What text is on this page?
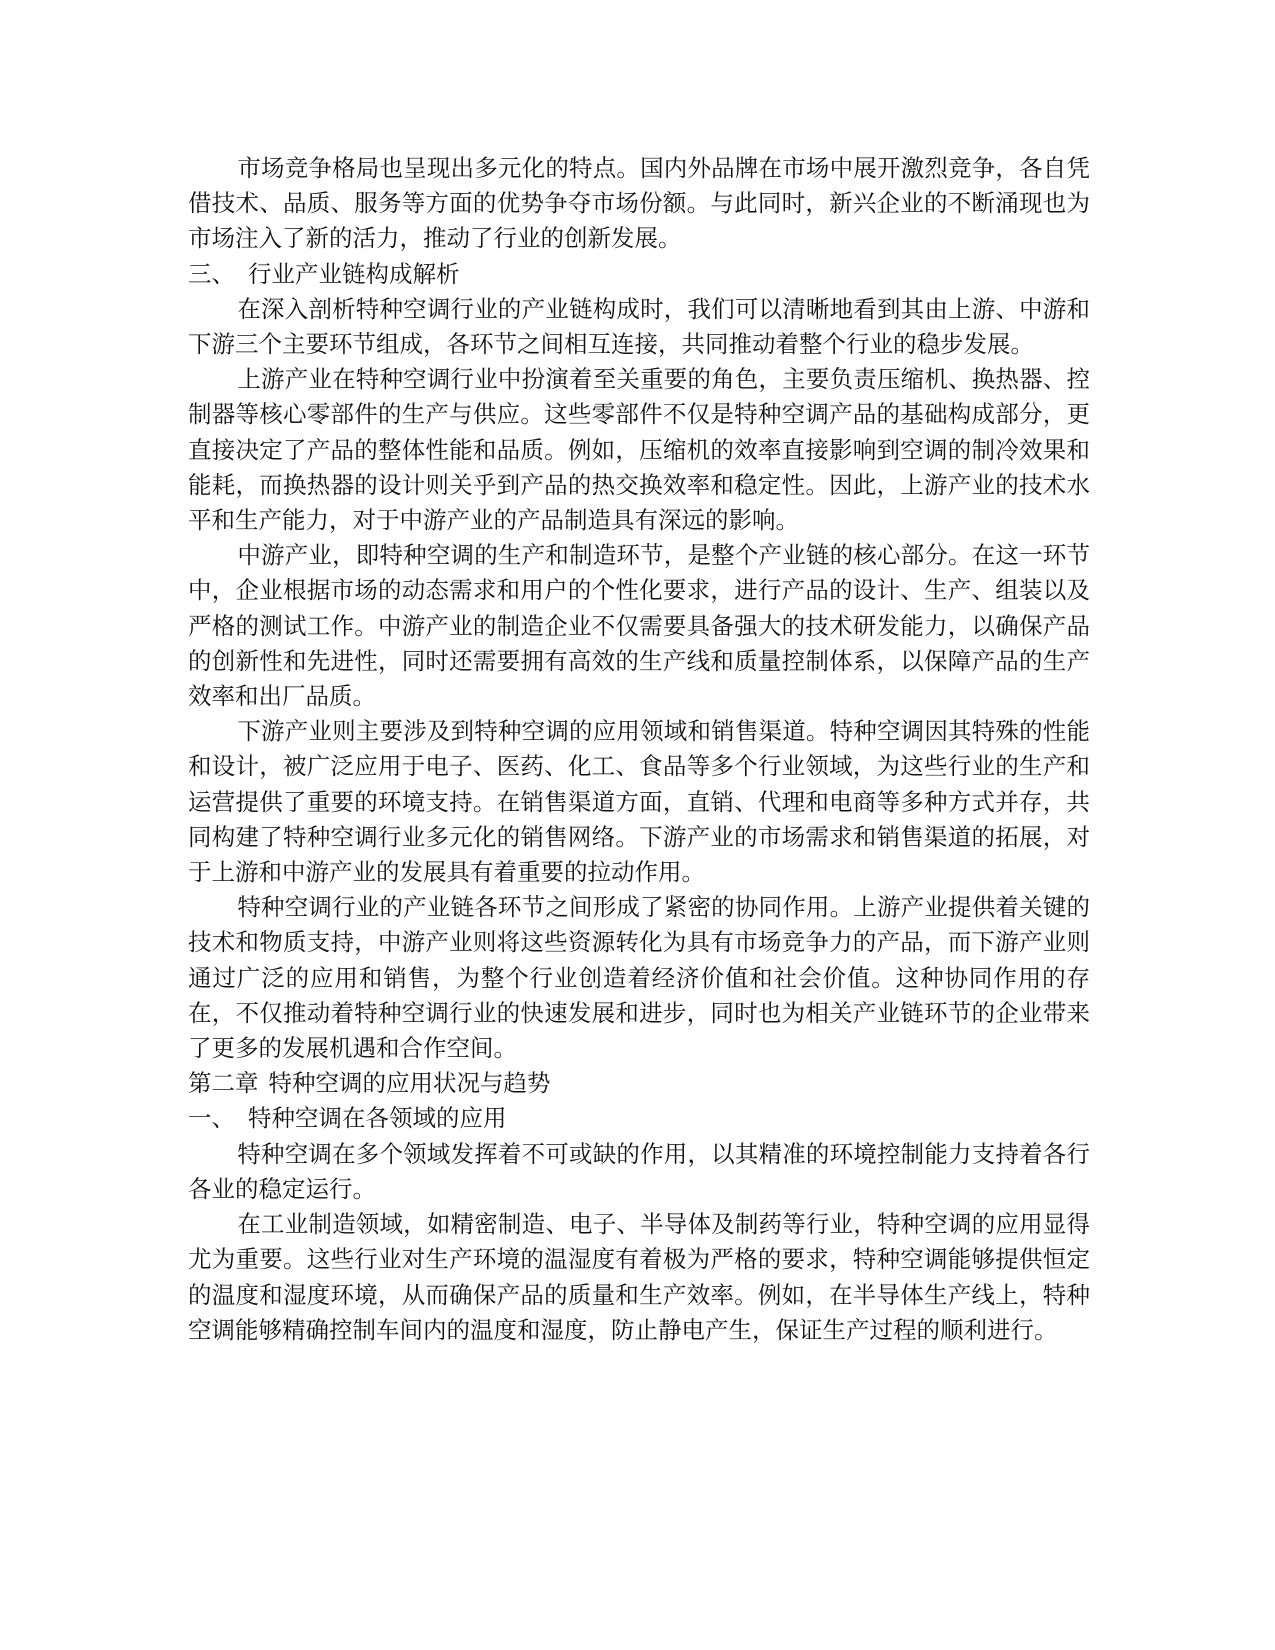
市场竞争格局也呈现出多元化的特点。国内外品牌在市场中展开激烈竞争，各自凭借技术、品质、服务等方面的优势争夺市场份额。与此同时，新兴企业的不断涌现也为市场注入了新的活力，推动了行业的创新发展。

三、 行业产业链构成解析

在深入剖析特种空调行业的产业链构成时，我们可以清晰地看到其由上游、中游和下游三个主要环节组成，各环节之间相互连接，共同推动着整个行业的稳步发展。

上游产业在特种空调行业中扮演着至关重要的角色，主要负责压缩机、换热器、控制器等核心零部件的生产与供应。这些零部件不仅是特种空调产品的基础构成部分，更直接决定了产品的整体性能和品质。例如，压缩机的效率直接影响到空调的制冷效果和能耗，而换热器的设计则关乎到产品的热交换效率和稳定性。因此，上游产业的技术水平和生产能力，对于中游产业的产品制造具有深远的影响。

中游产业，即特种空调的生产和制造环节，是整个产业链的核心部分。在这一环节中，企业根据市场的动态需求和用户的个性化要求，进行产品的设计、生产、组装以及严格的测试工作。中游产业的制造企业不仅需要具备强大的技术研发能力，以确保产品的创新性和先进性，同时还需要拥有高效的生产线和质量控制体系，以保障产品的生产效率和出厂品质。

下游产业则主要涉及到特种空调的应用领域和销售渠道。特种空调因其特殊的性能和设计，被广泛应用于电子、医药、化工、食品等多个行业领域，为这些行业的生产和运营提供了重要的环境支持。在销售渠道方面，直销、代理和电商等多种方式并存，共同构建了特种空调行业多元化的销售网络。下游产业的市场需求和销售渠道的拓展，对于上游和中游产业的发展具有着重要的拉动作用。

特种空调行业的产业链各环节之间形成了紧密的协同作用。上游产业提供着关键的技术和物质支持，中游产业则将这些资源转化为具有市场竞争力的产品，而下游产业则通过广泛的应用和销售，为整个行业创造着经济价值和社会价值。这种协同作用的存在，不仅推动着特种空调行业的快速发展和进步，同时也为相关产业链环节的企业带来了更多的发展机遇和合作空间。

第二章 特种空调的应用状况与趋势

一、 特种空调在各领域的应用

特种空调在多个领域发挥着不可或缺的作用，以其精准的环境控制能力支持着各行各业的稳定运行。

在工业制造领域，如精密制造、电子、半导体及制药等行业，特种空调的应用显得尤为重要。这些行业对生产环境的温湿度有着极为严格的要求，特种空调能够提供恒定的温度和湿度环境，从而确保产品的质量和生产效率。例如，在半导体生产线上，特种空调能够精确控制车间内的温度和湿度，防止静电产生，保证生产过程的顺利进行。
